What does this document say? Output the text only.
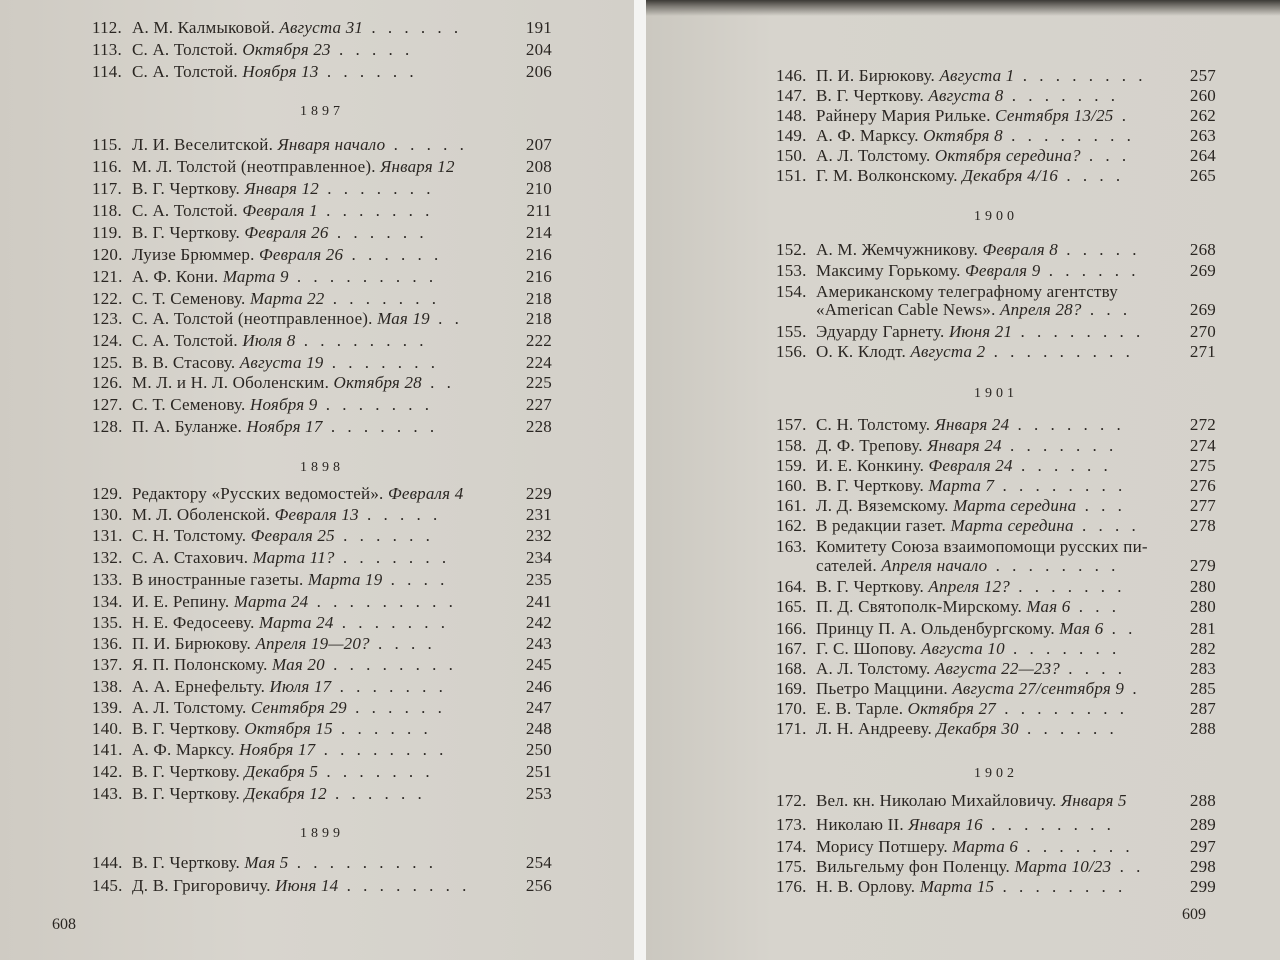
112. А. М. Калмыковой. Августа 31 . . . . . .	191
113. С. А. Толстой. Октября 23 . . . . .	204
114. С. А. Толстой. Ноября 13 . . . . . .	206
1897
115. Л. И. Веселитской. Января начало . . . . .	207
116. М. Л. Толстой (неотправленное). Января 12	208
117. В. Г. Черткову. Января 12 . . . . . . .	210
118. С. А. Толстой. Февраля 1 . . . . . . .	211
119. В. Г. Черткову. Февраля 26 . . . . . .	214
120. Луизе Брюммер. Февраля 26 . . . . . .	216
121. А. Ф. Кони. Марта 9 . . . . . . . . .	216
122. С. Т. Семенову. Марта 22 . . . . . . .	218
123. С. А. Толстой (неотправленное). Мая 19 . .	218
124. С. А. Толстой. Июля 8 . . . . . . . .	222
125. В. В. Стасову. Августа 19 . . . . . . .	224
126. М. Л. и Н. Л. Оболенским. Октября 28 . .	225
127. С. Т. Семенову. Ноября 9 . . . . . . .	227
128. П. А. Буланже. Ноября 17 . . . . . . .	228
1898
129. Редактору «Русских ведомостей». Февраля 4	229
130. М. Л. Оболенской. Февраля 13 . . . . .	231
131. С. Н. Толстому. Февраля 25 . . . . . .	232
132. С. А. Стахович. Марта 11? . . . . . . .	234
133. В иностранные газеты. Марта 19 . . . .	235
134. И. Е. Репину. Марта 24 . . . . . . . . .	241
135. Н. Е. Федосееву. Марта 24 . . . . . . .	242
136. П. И. Бирюкову. Апреля 19—20? . . . .	243
137. Я. П. Полонскому. Мая 20 . . . . . . . .	245
138. А. А. Ернефельту. Июля 17 . . . . . . .	246
139. А. Л. Толстому. Сентября 29 . . . . . .	247
140. В. Г. Черткову. Октября 15 . . . . . .	248
141. А. Ф. Марксу. Ноября 17 . . . . . . . .	250
142. В. Г. Черткову. Декабря 5 . . . . . . .	251
143. В. Г. Черткову. Декабря 12 . . . . . .	253
1899
144. В. Г. Черткову. Мая 5 . . . . . . . . .	254
145. Д. В. Григоровичу. Июня 14 . . . . . . . .	256
608
146. П. И. Бирюкову. Августа 1 . . . . . . . .	257
147. В. Г. Черткову. Августа 8 . . . . . . .	260
148. Райнеру Мария Рильке. Сентября 13/25 .	262
149. А. Ф. Марксу. Октября 8 . . . . . . . .	263
150. А. Л. Толстому. Октября середина? . . .	264
151. Г. М. Волконскому. Декабря 4/16 . . . .	265
1900
152. А. М. Жемчужникову. Февраля 8 . . . . .	268
153. Максиму Горькому. Февраля 9 . . . . . .	269
154. Американскому телеграфному агентству
«American Cable News». Апреля 28? . . .	269
155. Эдуарду Гарнету. Июня 21 . . . . . . . .	270
156. О. К. Клодт. Августа 2 . . . . . . . . .	271
1901
157. С. Н. Толстому. Января 24 . . . . . . .	272
158. Д. Ф. Трепову. Января 24 . . . . . . .	274
159. И. Е. Конкину. Февраля 24 . . . . . .	275
160. В. Г. Черткову. Марта 7 . . . . . . . .	276
161. Л. Д. Вяземскому. Марта середина . . .	277
162. В редакции газет. Марта середина . . . .	278
163. Комитету Союза взаимопомощи русских пи-
сателей. Апреля начало . . . . . . . .	279
164. В. Г. Черткову. Апреля 12? . . . . . . .	280
165. П. Д. Святополк-Мирскому. Мая 6 . . .	280
166. Принцу П. А. Ольденбургскому. Мая 6 . .	281
167. Г. С. Шопову. Августа 10 . . . . . . .	282
168. А. Л. Толстому. Августа 22—23? . . . .	283
169. Пьетро Маццини. Августа 27/сентября 9 .	285
170. Е. В. Тарле. Октября 27 . . . . . . . .	287
171. Л. Н. Андрееву. Декабря 30 . . . . . .	288
1902
172. Вел. кн. Николаю Михайловичу. Января 5	288
173. Николаю II. Января 16 . . . . . . . .	289
174. Морису Потшеру. Марта 6 . . . . . . .	297
175. Вильгельму фон Поленцу. Марта 10/23 . .	298
176. Н. В. Орлову. Марта 15 . . . . . . . .	299
609
